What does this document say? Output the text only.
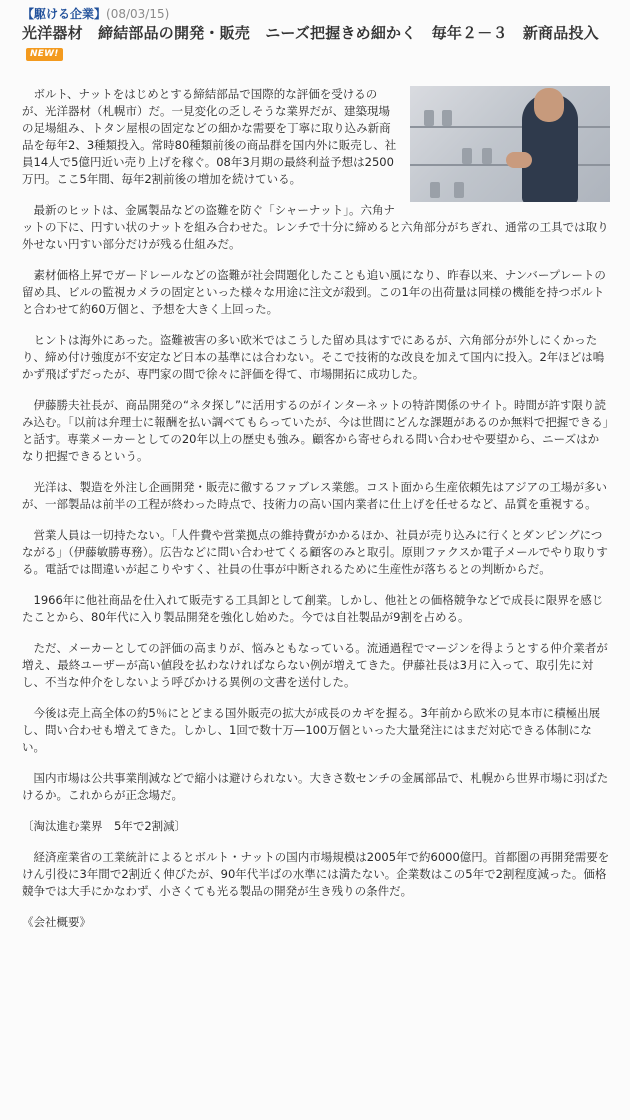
【駆ける企業】(08/03/15)
光洋器材　締結部品の開発・販売　ニーズ把握きめ細かく　毎年２－３　新商品投入NEW!

ボルト、ナットをはじめとする締結部品で国際的な評価を受けるのが、光洋器材（札幌市）だ。一見変化の乏しそうな業界だが、建築現場の足場組み、トタン屋根の固定などの細かな需要を丁寧に取り込み新商品を毎年2、3種類投入。常時80種類前後の商品群を国内外に販売し、社員14人で5億円近い売り上げを稼ぐ。08年3月期の最終利益予想は2500万円。ここ5年間、毎年2割前後の増加を続けている。

最新のヒットは、金属製品などの盗難を防ぐ「シャーナット」。六角ナットの下に、円すい状のナットを組み合わせた。レンチで十分に締めると六角部分がちぎれ、通常の工具では取り外せない円すい部分だけが残る仕組みだ。

素材価格上昇でガードレールなどの盗難が社会問題化したことも追い風になり、昨春以来、ナンバープレートの留め具、ビルの監視カメラの固定といった様々な用途に注文が殺到。この1年の出荷量は同様の機能を持つボルトと合わせて約60万個と、予想を大きく上回った。

ヒントは海外にあった。盗難被害の多い欧米ではこうした留め具はすでにあるが、六角部分が外しにくかったり、締め付け強度が不安定など日本の基準には合わない。そこで技術的な改良を加えて国内に投入。2年ほどは鳴かず飛ばずだったが、専門家の間で徐々に評価を得て、市場開拓に成功した。

伊藤勝夫社長が、商品開発の“ネタ探し”に活用するのがインターネットの特許関係のサイト。時間が許す限り読み込む。「以前は弁理士に報酬を払い調べてもらっていたが、今は世間にどんな課題があるのか無料で把握できる」と話す。専業メーカーとしての20年以上の歴史も強み。顧客から寄せられる問い合わせや要望から、ニーズはかなり把握できるという。

光洋は、製造を外注し企画開発・販売に徹するファブレス業態。コスト面から生産依頼先はアジアの工場が多いが、一部製品は前半の工程が終わった時点で、技術力の高い国内業者に仕上げを任せるなど、品質を重視する。

営業人員は一切持たない。「人件費や営業拠点の維持費がかかるほか、社員が売り込みに行くとダンピングにつながる」（伊藤敏勝専務）。広告などに問い合わせてくる顧客のみと取引。原則ファクスか電子メールでやり取りする。電話では間違いが起こりやすく、社員の仕事が中断されるために生産性が落ちるとの判断からだ。

1966年に他社商品を仕入れて販売する工具卸として創業。しかし、他社との価格競争などで成長に限界を感じたことから、80年代に入り製品開発を強化し始めた。今では自社製品が9割を占める。

ただ、メーカーとしての評価の高まりが、悩みともなっている。流通過程でマージンを得ようとする仲介業者が増え、最終ユーザーが高い値段を払わなければならない例が増えてきた。伊藤社長は3月に入って、取引先に対し、不当な仲介をしないよう呼びかける異例の文書を送付した。

今後は売上高全体の約5％にとどまる国外販売の拡大が成長のカギを握る。3年前から欧米の見本市に積極出展し、問い合わせも増えてきた。しかし、1回で数十万—100万個といった大量発注にはまだ対応できる体制にない。

国内市場は公共事業削減などで縮小は避けられない。大きさ数センチの金属部品で、札幌から世界市場に羽ばたけるか。これからが正念場だ。

〔淘汰進む業界　5年で2割減〕

経済産業省の工業統計によるとボルト・ナットの国内市場規模は2005年で約6000億円。首都圏の再開発需要をけん引役に3年間で2割近く伸びたが、90年代半ばの水準には満たない。企業数はこの5年で2割程度減った。価格競争では大手にかなわず、小さくても光る製品の開発が生き残りの条件だ。

《会社概要》
